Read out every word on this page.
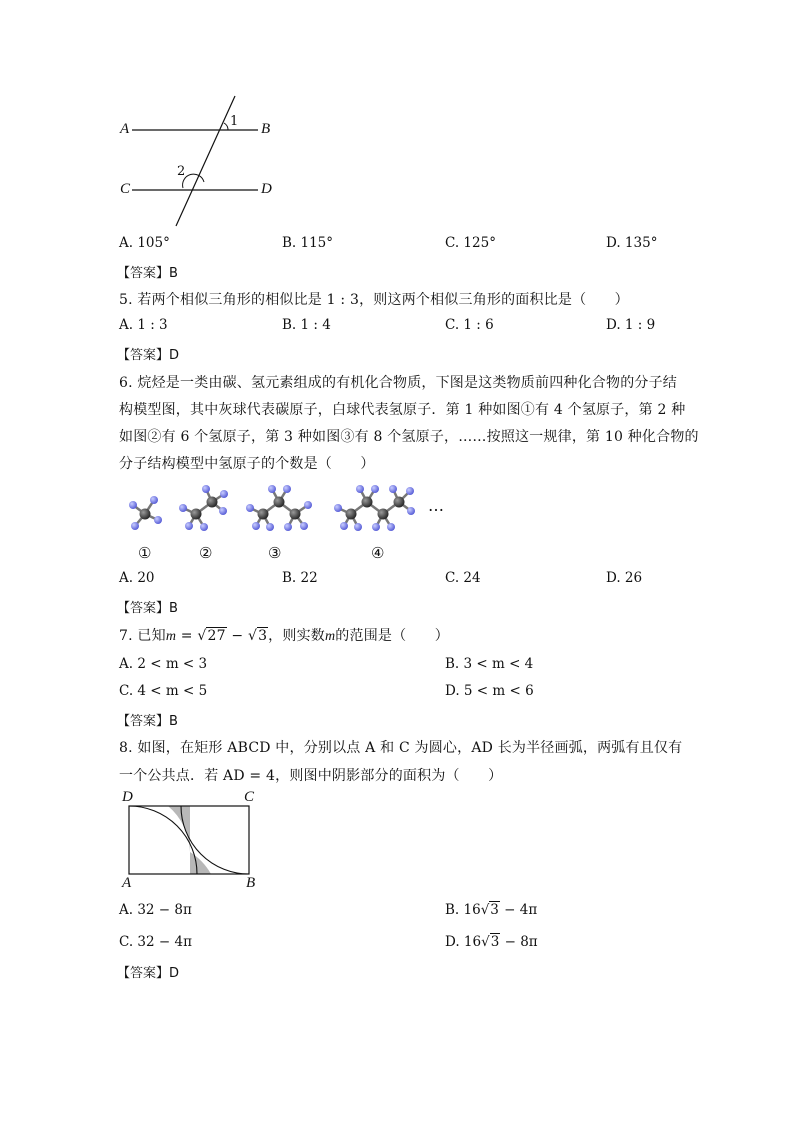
A	B
C	D
1
2
A. 105°	B. 115°	C. 125°	D. 135°
【答案】B
5. 若两个相似三角形的相似比是 1 : 3，则这两个相似三角形的面积比是（　　）
A. 1 : 3	B. 1 : 4	C. 1 : 6	D. 1 : 9
【答案】D
6. 烷烃是一类由碳、氢元素组成的有机化合物质，下图是这类物质前四种化合物的分子结
构模型图，其中灰球代表碳原子，白球代表氢原子．第 1 种如图①有 4 个氢原子，第 2 种
如图②有 6 个氢原子，第 3 种如图③有 8 个氢原子，……按照这一规律，第 10 种化合物的
分子结构模型中氢原子的个数是（　　）
…
①	②	③	④
A. 20	B. 22	C. 24	D. 26
【答案】B
7. 已知m = √27 − √3，则实数m的范围是（　　）
A. 2 < m < 3	B. 3 < m < 4
C. 4 < m < 5	D. 5 < m < 6
【答案】B
8. 如图，在矩形 ABCD 中，分别以点 A 和 C 为圆心，AD 长为半径画弧，两弧有且仅有
一个公共点．若 AD = 4，则图中阴影部分的面积为（　　）
D	C
A	B
A. 32 − 8π	B. 16√3 − 4π
C. 32 − 4π	D. 16√3 − 8π
【答案】D
